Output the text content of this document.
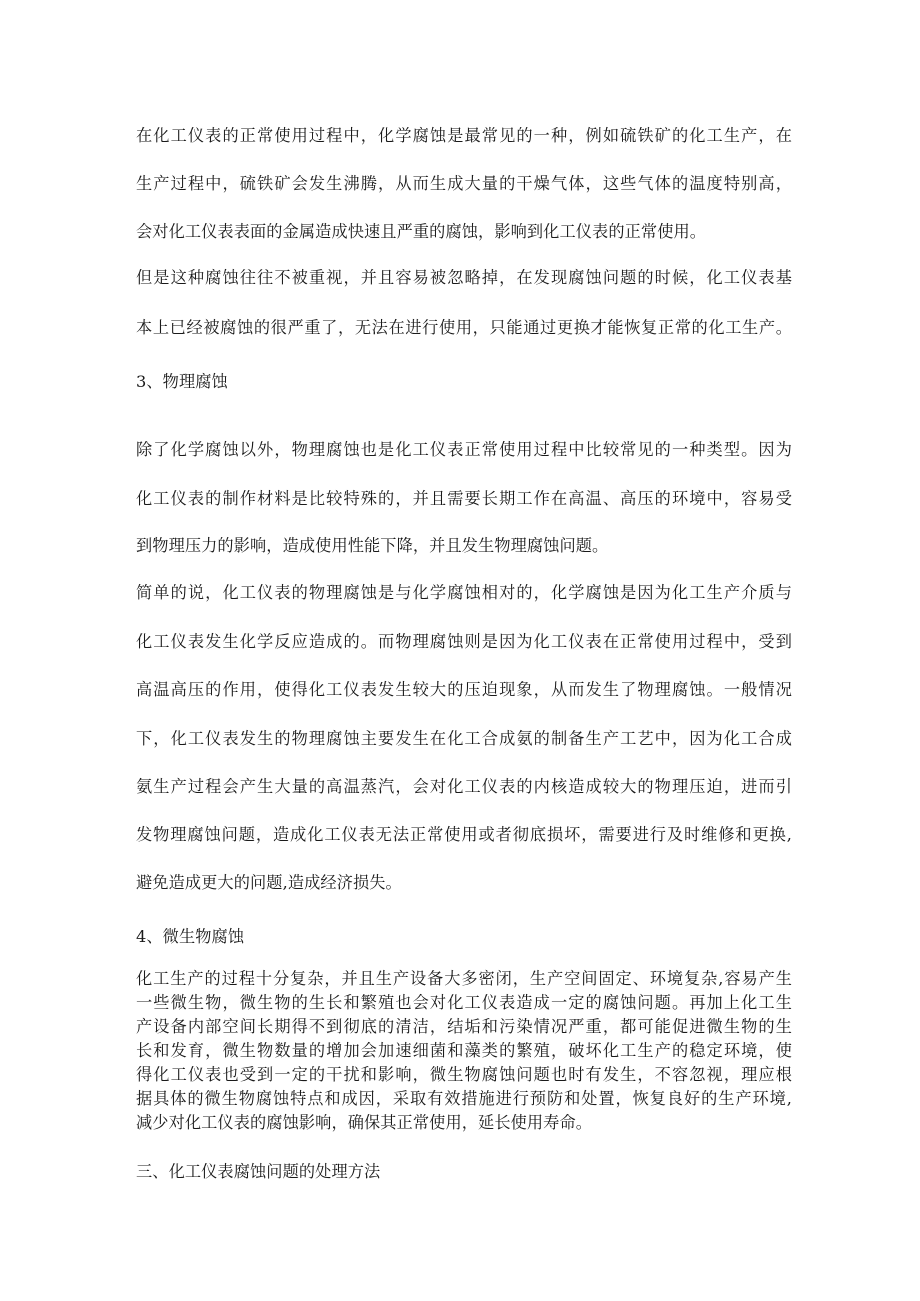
在化工仪表的正常使用过程中，化学腐蚀是最常见的一种，例如硫铁矿的化工生产，在
生产过程中，硫铁矿会发生沸腾，从而生成大量的干燥气体，这些气体的温度特别高，
会对化工仪表表面的金属造成快速且严重的腐蚀，影响到化工仪表的正常使用。
但是这种腐蚀往往不被重视，并且容易被忽略掉，在发现腐蚀问题的时候，化工仪表基
本上已经被腐蚀的很严重了，无法在进行使用，只能通过更换才能恢复正常的化工生产。
3、物理腐蚀
除了化学腐蚀以外，物理腐蚀也是化工仪表正常使用过程中比较常见的一种类型。因为
化工仪表的制作材料是比较特殊的，并且需要长期工作在高温、高压的环境中，容易受
到物理压力的影响，造成使用性能下降，并且发生物理腐蚀问题。
简单的说，化工仪表的物理腐蚀是与化学腐蚀相对的，化学腐蚀是因为化工生产介质与
化工仪表发生化学反应造成的。而物理腐蚀则是因为化工仪表在正常使用过程中，受到
高温高压的作用，使得化工仪表发生较大的压迫现象，从而发生了物理腐蚀。一般情况
下，化工仪表发生的物理腐蚀主要发生在化工合成氨的制备生产工艺中，因为化工合成
氨生产过程会产生大量的高温蒸汽，会对化工仪表的内核造成较大的物理压迫，进而引
发物理腐蚀问题，造成化工仪表无法正常使用或者彻底损坏，需要进行及时维修和更换,
避免造成更大的问题,造成经济损失。
4、微生物腐蚀
化工生产的过程十分复杂，并且生产设备大多密闭，生产空间固定、环境复杂,容易产生
一些微生物，微生物的生长和繁殖也会对化工仪表造成一定的腐蚀问题。再加上化工生
产设备内部空间长期得不到彻底的清洁，结垢和污染情况严重，都可能促进微生物的生
长和发育，微生物数量的增加会加速细菌和藻类的繁殖，破坏化工生产的稳定环境，使
得化工仪表也受到一定的干扰和影响，微生物腐蚀问题也时有发生，不容忽视，理应根
据具体的微生物腐蚀特点和成因，采取有效措施进行预防和处置，恢复良好的生产环境,
减少对化工仪表的腐蚀影响，确保其正常使用，延长使用寿命。
三、化工仪表腐蚀问题的处理方法
